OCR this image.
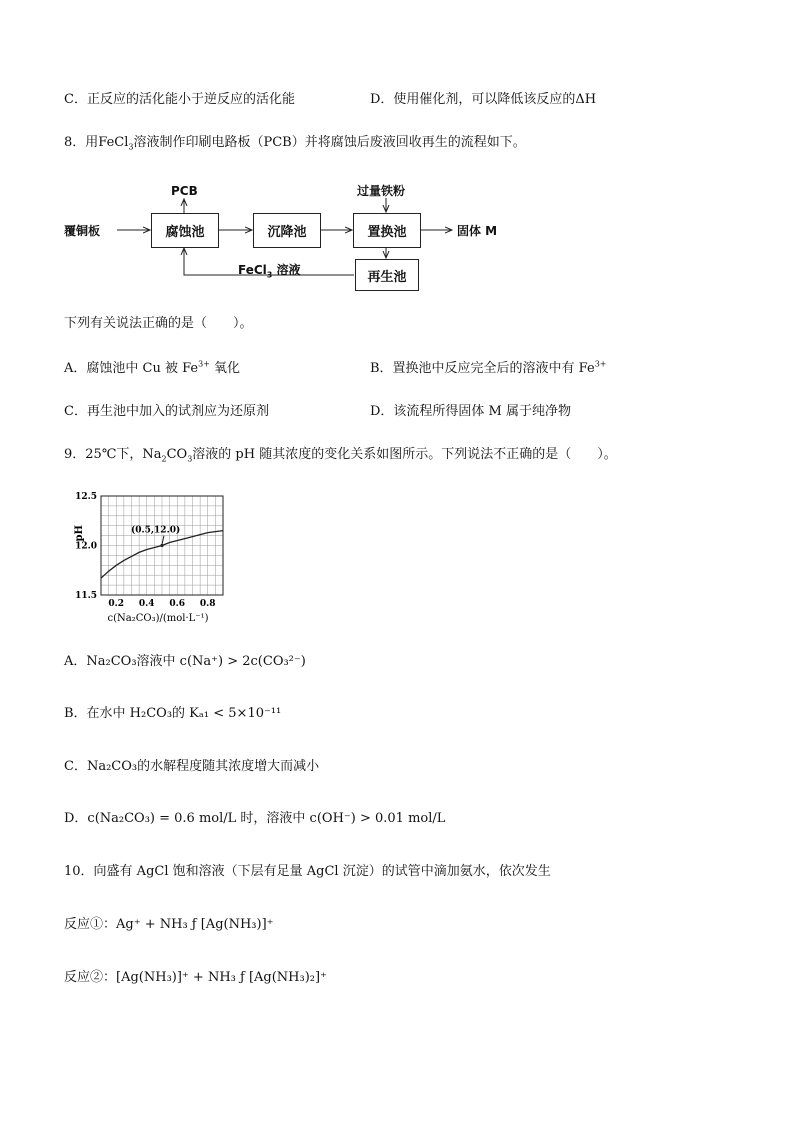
C．正反应的活化能小于逆反应的活化能	D．使用催化剂，可以降低该反应的ΔH
8．用FeCl$_3$溶液制作印刷电路板（PCB）并将腐蚀后废液回收再生的流程如下。
覆铜板
PCB
腐蚀池	沉降池
过量铁粉
置换池	固体 M
再生池
FeCl$_3$ 溶液
下列有关说法正确的是（　　）。
A．腐蚀池中 Cu 被 $Fe^{3+}$ 氧化	B．置换池中反应完全后的溶液中有 $Fe^{3+}$
C．再生池中加入的试剂应为还原剂	D．该流程所得固体 M 属于纯净物
9．25℃下，$Na_2CO_3$溶液的 pH 随其浓度的变化关系如图所示。下列说法不正确的是（　　）。
0.2 0.4 0.6 0.8
11.5
12.0
12.5
(0.5,12.0)
pH
c(Na₂CO₃)/(mol·L⁻¹)
A．Na₂CO₃溶液中 c(Na⁺) > 2c(CO₃²⁻)
B．在水中 H₂CO₃的 Kₐ₁ < 5×10⁻¹¹
C．Na₂CO₃的水解程度随其浓度增大而减小
D．c(Na₂CO₃) = 0.6 mol/L 时，溶液中 c(OH⁻) > 0.01 mol/L
10．向盛有 AgCl 饱和溶液（下层有足量 AgCl 沉淀）的试管中滴加氨水，依次发生
反应①：Ag⁺ + NH₃ ƒ [Ag(NH₃)]⁺
反应②：[Ag(NH₃)]⁺ + NH₃ ƒ [Ag(NH₃)₂]⁺
